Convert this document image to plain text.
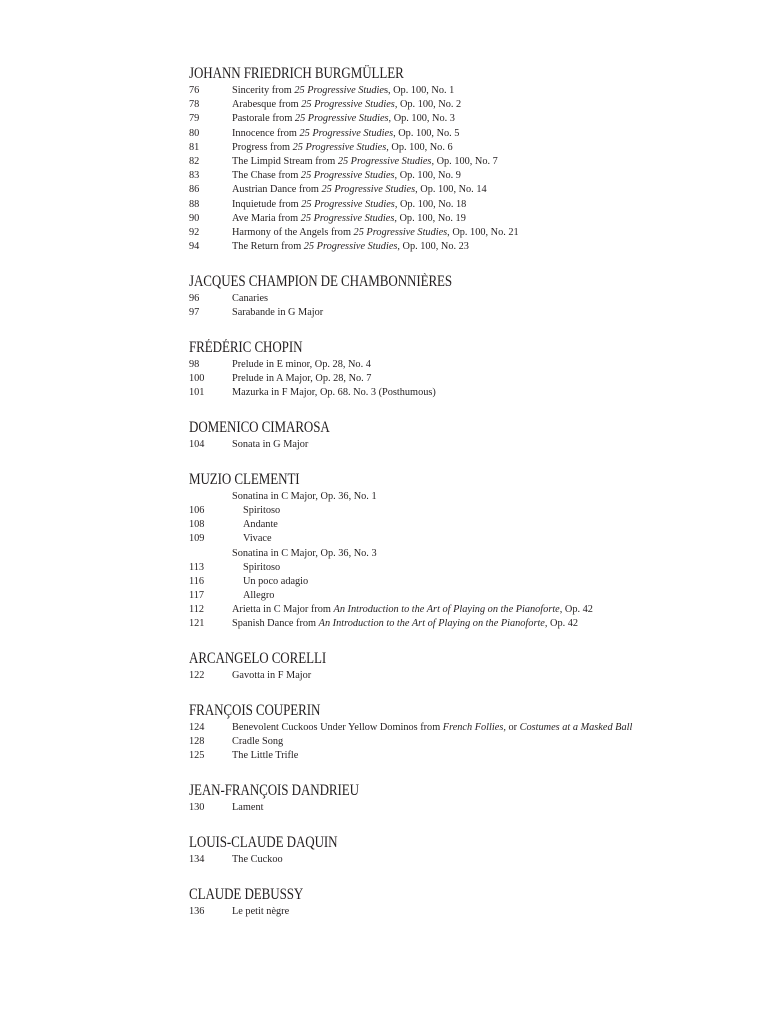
JOHANN FRIEDRICH BURGMÜLLER
76	Sincerity from 25 Progressive Studies, Op. 100, No. 1
78	Arabesque from 25 Progressive Studies, Op. 100, No. 2
79	Pastorale from 25 Progressive Studies, Op. 100, No. 3
80	Innocence from 25 Progressive Studies, Op. 100, No. 5
81	Progress from 25 Progressive Studies, Op. 100, No. 6
82	The Limpid Stream from 25 Progressive Studies, Op. 100, No. 7
83	The Chase from 25 Progressive Studies, Op. 100, No. 9
86	Austrian Dance from 25 Progressive Studies, Op. 100, No. 14
88	Inquietude from 25 Progressive Studies, Op. 100, No. 18
90	Ave Maria from 25 Progressive Studies, Op. 100, No. 19
92	Harmony of the Angels from 25 Progressive Studies, Op. 100, No. 21
94	The Return from 25 Progressive Studies, Op. 100, No. 23
JACQUES CHAMPION DE CHAMBONNIÈRES
96	Canaries
97	Sarabande in G Major
FRÉDÉRIC CHOPIN
98	Prelude in E minor, Op. 28, No. 4
100	Prelude in A Major, Op. 28, No. 7
101	Mazurka in F Major, Op. 68. No. 3 (Posthumous)
DOMENICO CIMAROSA
104	Sonata in G Major
MUZIO CLEMENTI
Sonatina in C Major, Op. 36, No. 1
106	Spiritoso
108	Andante
109	Vivace
Sonatina in C Major, Op. 36, No. 3
113	Spiritoso
116	Un poco adagio
117	Allegro
112	Arietta in C Major from An Introduction to the Art of Playing on the Pianoforte, Op. 42
121	Spanish Dance from An Introduction to the Art of Playing on the Pianoforte, Op. 42
ARCANGELO CORELLI
122	Gavotta in F Major
FRANÇOIS COUPERIN
124	Benevolent Cuckoos Under Yellow Dominos from French Follies, or Costumes at a Masked Ball
128	Cradle Song
125	The Little Trifle
JEAN-FRANÇOIS DANDRIEU
130	Lament
LOUIS-CLAUDE DAQUIN
134	The Cuckoo
CLAUDE DEBUSSY
136	Le petit nègre
